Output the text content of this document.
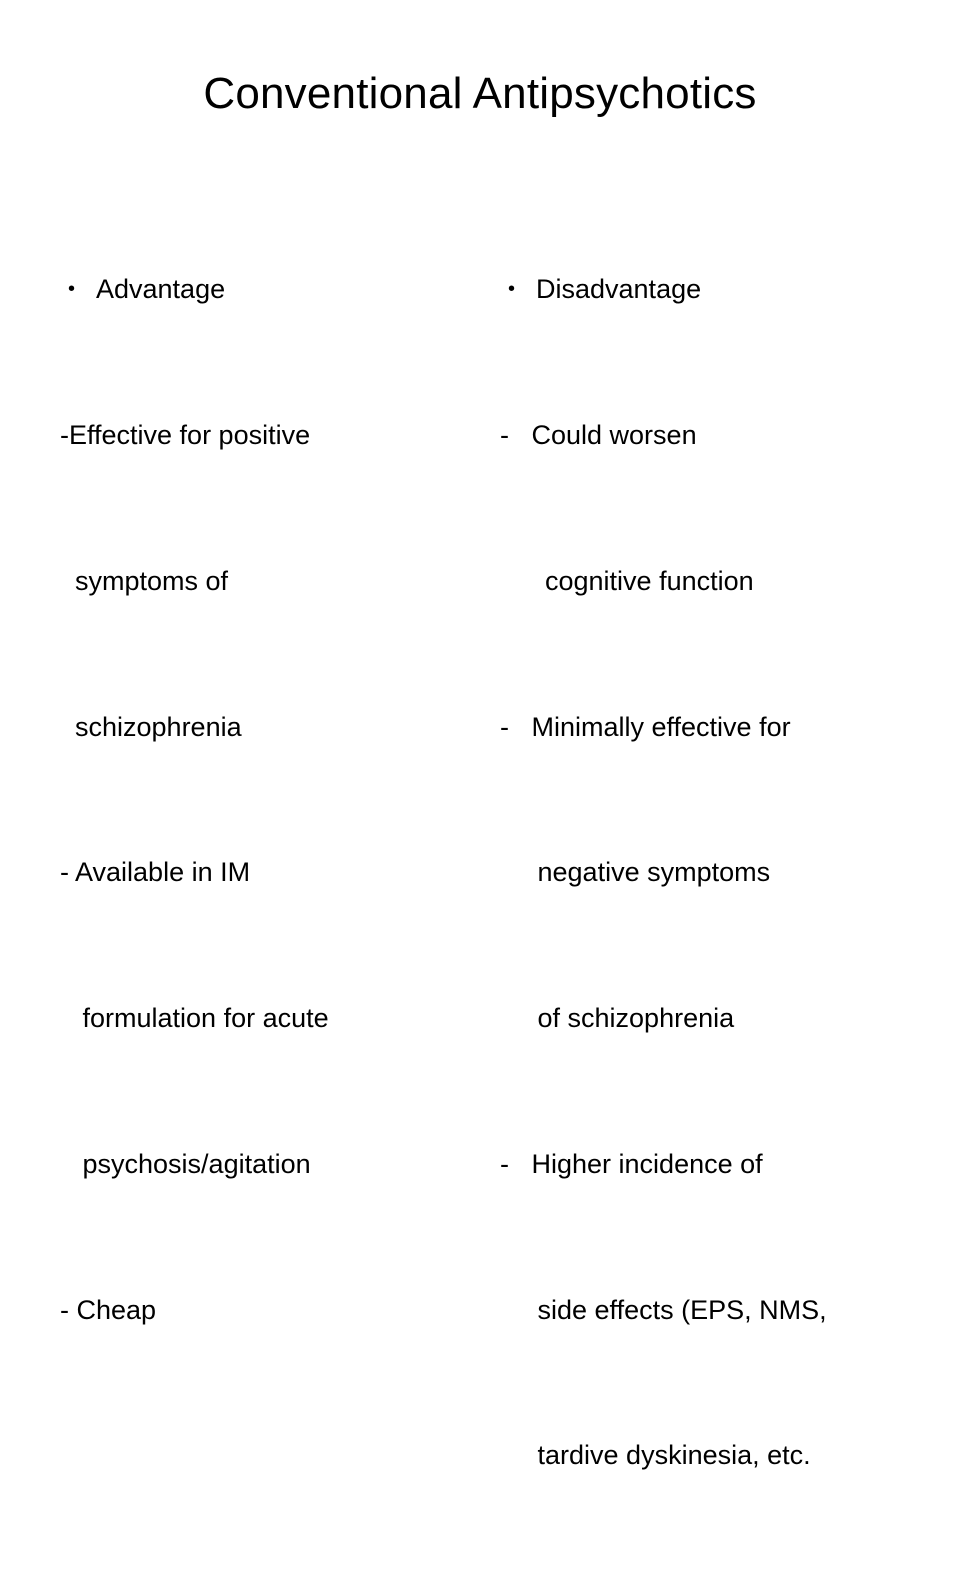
Conventional Antipsychotics

• Advantage

-Effective for positive

symptoms of

schizophrenia

- Available in IM

formulation for acute

psychosis/agitation

- Cheap

• Disadvantage

-   Could worsen

cognitive function

-   Minimally effective for

negative symptoms

of schizophrenia

-   Higher incidence of

side effects (EPS, NMS,

tardive dyskinesia, etc.
